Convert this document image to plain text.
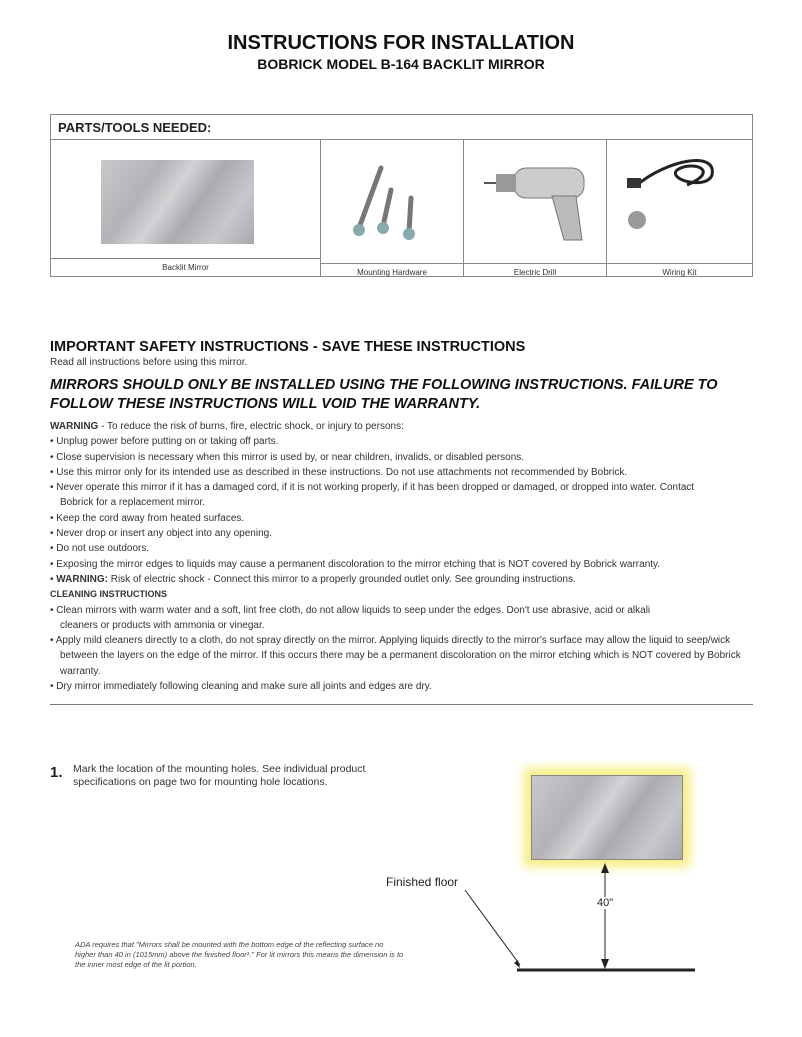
INSTRUCTIONS FOR INSTALLATION
BOBRICK MODEL B-164 BACKLIT MIRROR
PARTS/TOOLS NEEDED:
Backlit Mirror
Mounting Hardware	Electric Drill	Wiring Kit
IMPORTANT SAFETY INSTRUCTIONS - SAVE THESE INSTRUCTIONS
Read all instructions before using this mirror.
MIRRORS SHOULD ONLY BE INSTALLED USING THE FOLLOWING INSTRUCTIONS. FAILURE TO FOLLOW THESE INSTRUCTIONS WILL VOID THE WARRANTY.
WARNING - To reduce the risk of burns, fire, electric shock, or injury to persons:
• Unplug power before putting on or taking off parts.
• Close supervision is necessary when this mirror is used by, or near children, invalids, or disabled persons.
• Use this mirror only for its intended use as described in these instructions. Do not use attachments not recommended by Bobrick.
• Never operate this mirror if it has a damaged cord, if it is not working properly, if it has been dropped or damaged, or dropped into water. Contact Bobrick for a replacement mirror.
• Keep the cord away from heated surfaces.
• Never drop or insert any object into any opening.
• Do not use outdoors.
• Exposing the mirror edges to liquids may cause a permanent discoloration to the mirror etching that is NOT covered by Bobrick warranty.
• WARNING: Risk of electric shock - Connect this mirror to a properly grounded outlet only. See grounding instructions.
CLEANING INSTRUCTIONS
• Clean mirrors with warm water and a soft, lint free cloth, do not allow liquids to seep under the edges. Don't use abrasive, acid or alkali cleaners or products with ammonia or vinegar.
• Apply mild cleaners directly to a cloth, do not spray directly on the mirror. Applying liquids directly to the mirror's surface may allow the liquid to seep/wick between the layers on the edge of the mirror. If this occurs there may be a permanent discoloration on the mirror etching which is NOT covered by Bobrick warranty.
• Dry mirror immediately following cleaning and make sure all joints and edges are dry.
1. Mark the location of the mounting holes. See individual product specifications on page two for mounting hole locations.
Finished floor
40"
ADA requires that "Mirrors shall be mounted with the bottom edge of the reflecting surface no higher than 40 in (1015mm) above the finished floor¹." For lit mirrors this means the dimension is to the inner most edge of the lit portion.
